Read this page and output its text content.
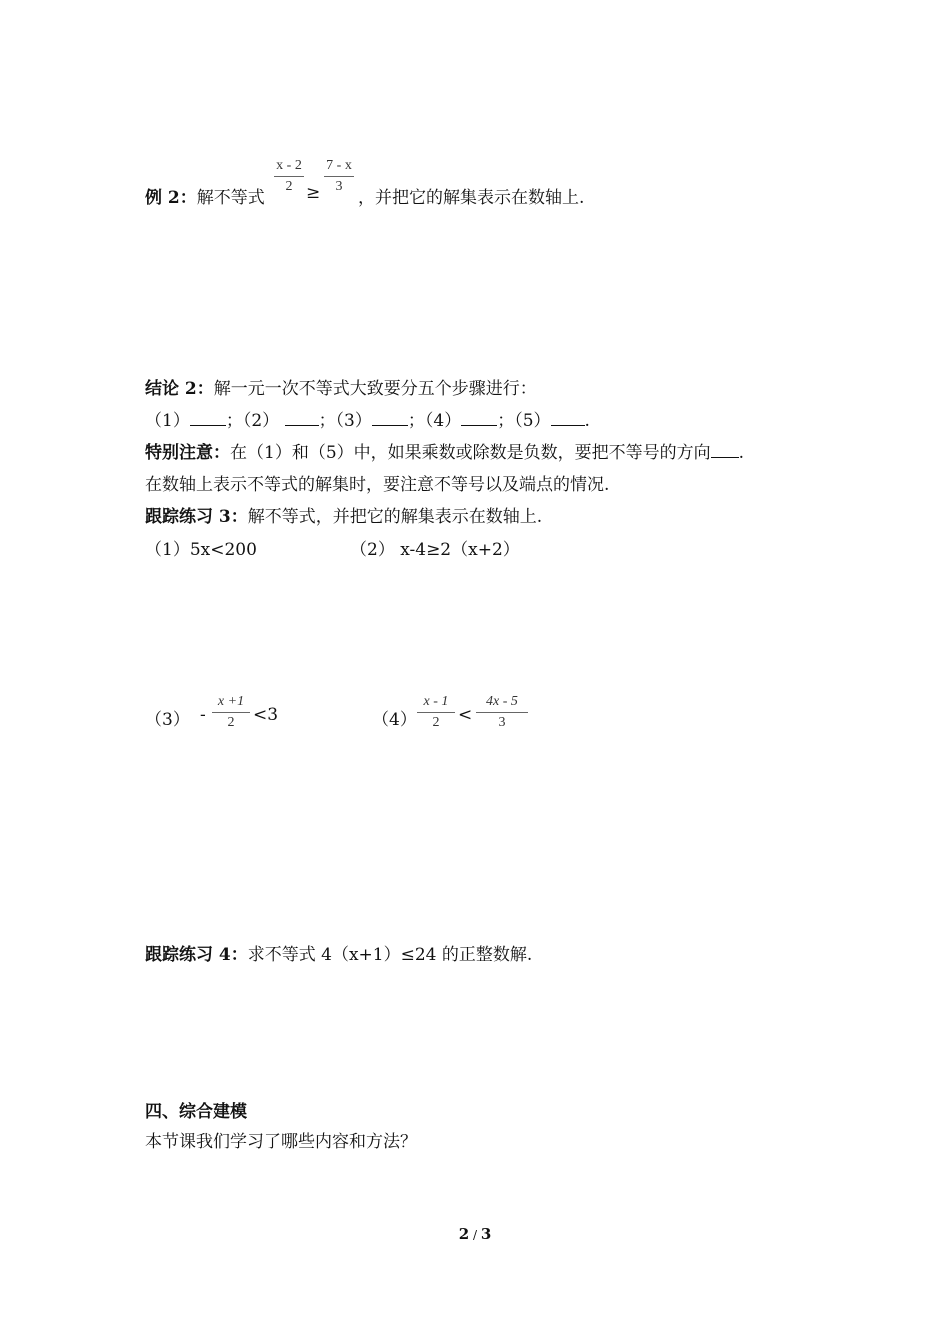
例 2：解不等式
$\frac{x - 2}{2} \ge \frac{7 - x}{3}$
，并把它的解集表示在数轴上.
结论 2：解一元一次不等式大致要分五个步骤进行：
（1） ；（2） ；（3） ；（4） ；（5） .
特别注意：在（1）和（5）中，如果乘数或除数是负数，要把不等号的方向 .
在数轴上表示不等式的解集时，要注意不等号以及端点的情况.
跟踪练习 3：解不等式，并把它的解集表示在数轴上.
（1）5x<200	（2） x-4≥2（x+2）
$(3) - \frac{x +1}{2} <3$	$(4) \frac{x - 1}{2} < \frac{4x - 5}{3}$
跟踪练习 4：求不等式 4（x+1）≤24 的正整数解.
四、综合建模
本节课我们学习了哪些内容和方法？
2 / 3
